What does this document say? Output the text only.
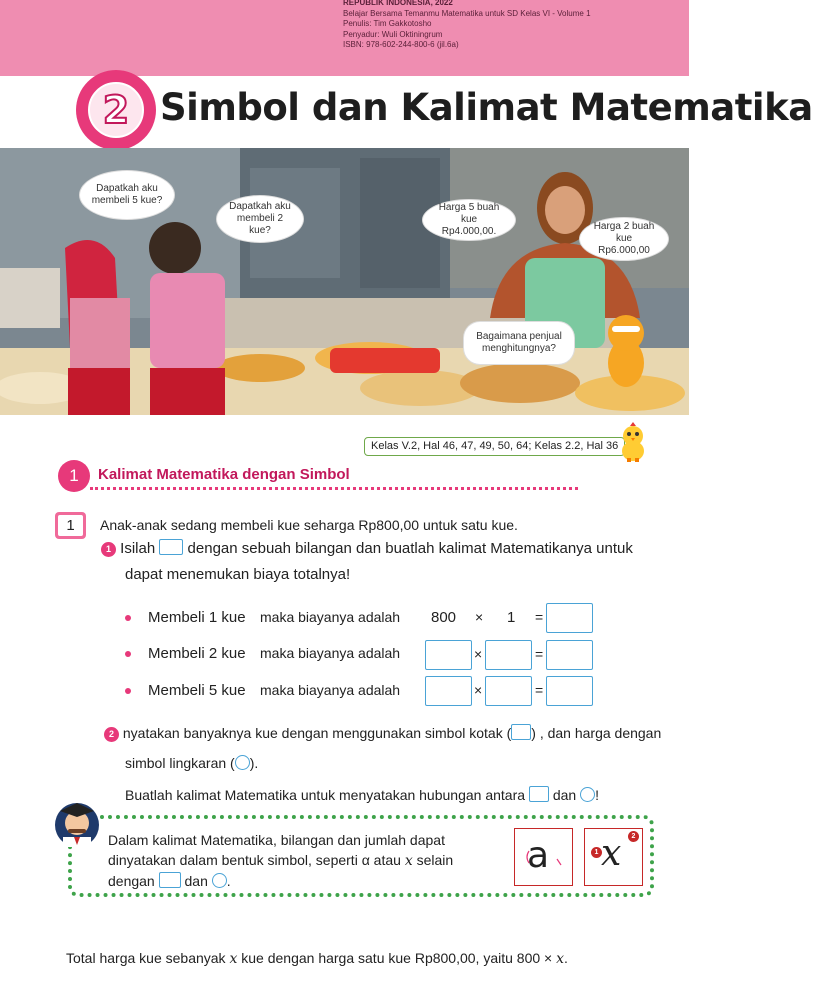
REPUBLIK INDONESIA, 2022
Belajar Bersama Temanmu Matematika untuk SD Kelas VI - Volume 1
Penulis: Tim Gakkotosho
Penyadur: Wuli Oktiningrum
ISBN: 978-602-244-800-6 (jil.6a)
2 Simbol dan Kalimat Matematika
Dapatkah aku membeli 5 kue?
Dapatkah aku membeli 2 kue?
Harga 5 buah kue Rp4.000,00.	Harga 2 buah kue Rp6.000,00
Bagaimana penjual menghitungnya?
Kelas V.2, Hal 46, 47, 49, 50, 64; Kelas 2.2, Hal 36
1	Kalimat Matematika dengan Simbol
1	Anak-anak sedang membeli kue seharga Rp800,00 untuk satu kue.
1 Isilah dengan sebuah bilangan dan buatlah kalimat Matematikanya untuk
dapat menemukan biaya totalnya!
Membeli 1 kue maka biayanya adalah 800 × 1 =
Membeli 2 kue maka biayanya adalah	×	=
Membeli 5 kue maka biayanya adalah	×	=
2 nyatakan banyaknya kue dengan menggunakan simbol kotak ( ) , dan harga dengan
simbol lingkaran ( ).
Buatlah kalimat Matematika untuk menyatakan hubungan antara dan !
Dalam kalimat Matematika, bilangan dan jumlah dapat
dinyatakan dalam bentuk simbol, seperti α atau x selain
dengan dan .
a	1
2
x
Total harga kue sebanyak x kue dengan harga satu kue Rp800,00, yaitu 800 × x.
